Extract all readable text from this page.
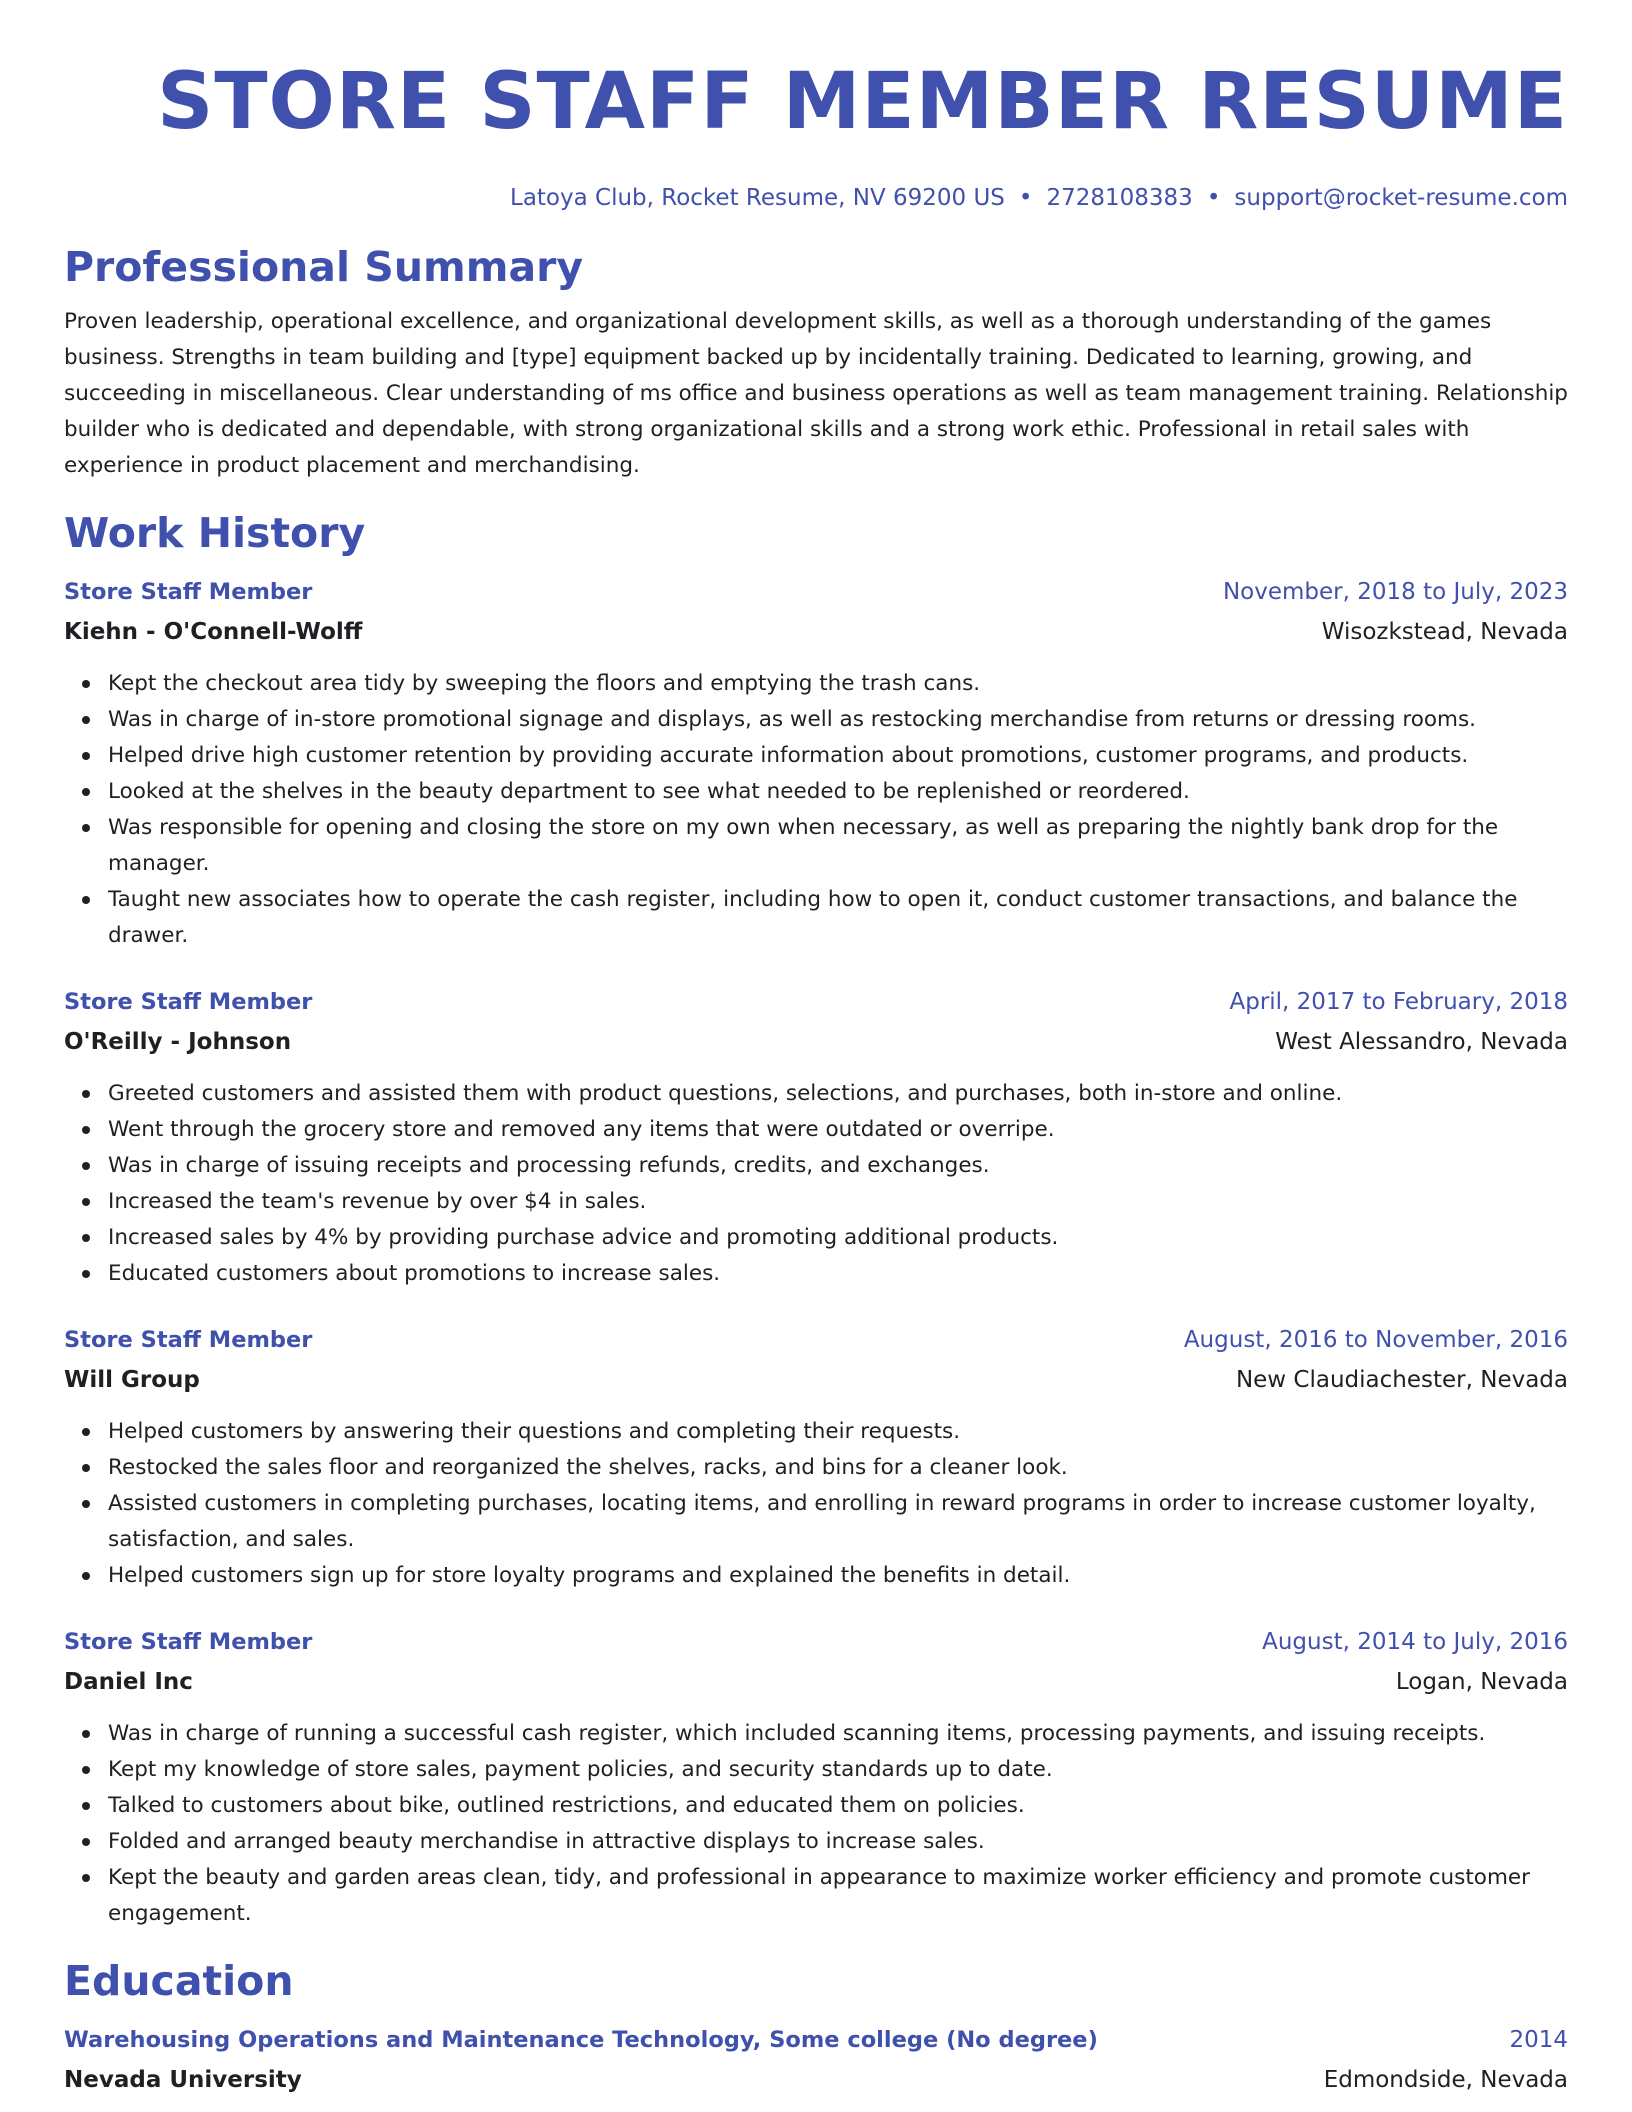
STORE STAFF MEMBER RESUME
Latoya Club, Rocket Resume, NV 69200 US • 2728108383 • support@rocket-resume.com
Professional Summary
Proven leadership, operational excellence, and organizational development skills, as well as a thorough understanding of the games business. Strengths in team building and [type] equipment backed up by incidentally training. Dedicated to learning, growing, and succeeding in miscellaneous. Clear understanding of ms office and business operations as well as team management training. Relationship builder who is dedicated and dependable, with strong organizational skills and a strong work ethic. Professional in retail sales with experience in product placement and merchandising.
Work History
Store Staff Member	November, 2018 to July, 2023
Kiehn - O'Connell-Wolff	Wisozkstead, Nevada
Kept the checkout area tidy by sweeping the floors and emptying the trash cans.
Was in charge of in-store promotional signage and displays, as well as restocking merchandise from returns or dressing rooms.
Helped drive high customer retention by providing accurate information about promotions, customer programs, and products.
Looked at the shelves in the beauty department to see what needed to be replenished or reordered.
Was responsible for opening and closing the store on my own when necessary, as well as preparing the nightly bank drop for the manager.
Taught new associates how to operate the cash register, including how to open it, conduct customer transactions, and balance the drawer.
Store Staff Member	April, 2017 to February, 2018
O'Reilly - Johnson	West Alessandro, Nevada
Greeted customers and assisted them with product questions, selections, and purchases, both in-store and online.
Went through the grocery store and removed any items that were outdated or overripe.
Was in charge of issuing receipts and processing refunds, credits, and exchanges.
Increased the team's revenue by over $4 in sales.
Increased sales by 4% by providing purchase advice and promoting additional products.
Educated customers about promotions to increase sales.
Store Staff Member	August, 2016 to November, 2016
Will Group	New Claudiachester, Nevada
Helped customers by answering their questions and completing their requests.
Restocked the sales floor and reorganized the shelves, racks, and bins for a cleaner look.
Assisted customers in completing purchases, locating items, and enrolling in reward programs in order to increase customer loyalty, satisfaction, and sales.
Helped customers sign up for store loyalty programs and explained the benefits in detail.
Store Staff Member	August, 2014 to July, 2016
Daniel Inc	Logan, Nevada
Was in charge of running a successful cash register, which included scanning items, processing payments, and issuing receipts.
Kept my knowledge of store sales, payment policies, and security standards up to date.
Talked to customers about bike, outlined restrictions, and educated them on policies.
Folded and arranged beauty merchandise in attractive displays to increase sales.
Kept the beauty and garden areas clean, tidy, and professional in appearance to maximize worker efficiency and promote customer engagement.
Education
Warehousing Operations and Maintenance Technology, Some college (No degree)	2014
Nevada University	Edmondside, Nevada
